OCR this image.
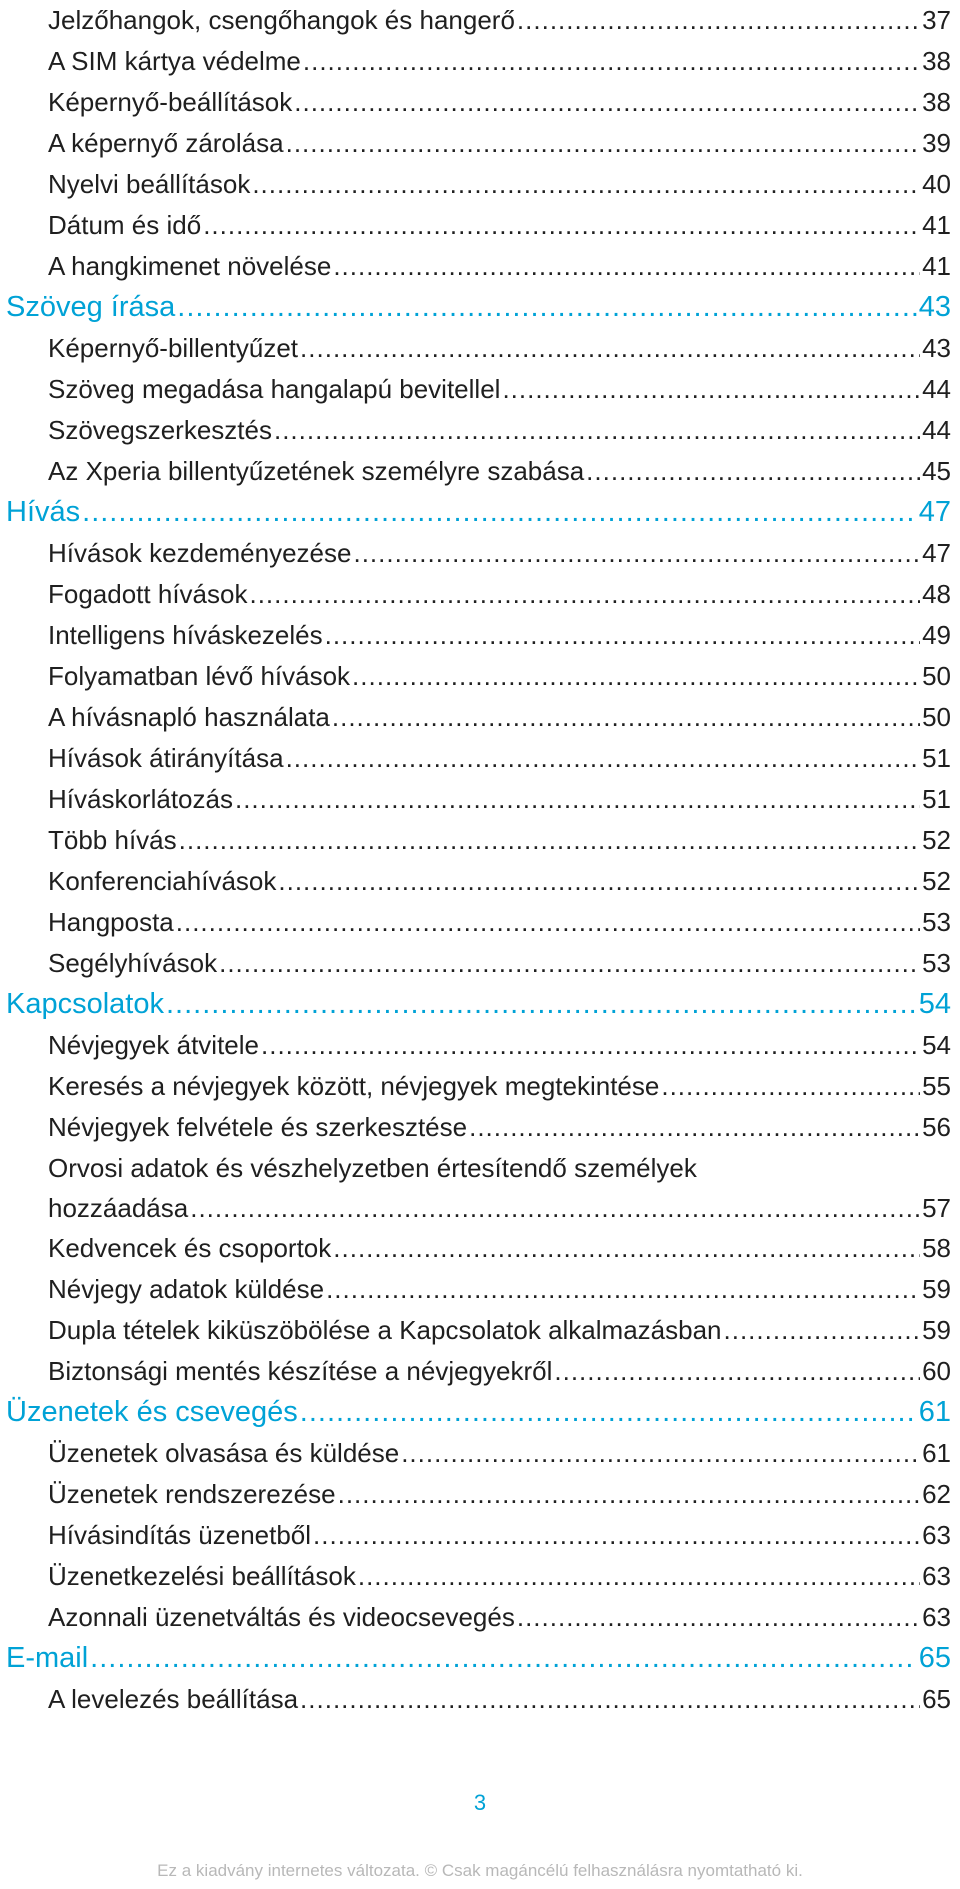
Jelzőhangok, csengőhangok és hangerő .....	37
A SIM kártya védelme .....	38
Képernyő-beállítások .....	38
A képernyő zárolása .....	39
Nyelvi beállítások .....	40
Dátum és idő .....	41
A hangkimenet növelése .....	41
Szöveg írása .....	43
Képernyő-billentyűzet .....	43
Szöveg megadása hangalapú bevitellel .....	44
Szövegszerkesztés .....	44
Az Xperia billentyűzetének személyre szabása .....	45
Hívás .....	47
Hívások kezdeményezése .....	47
Fogadott hívások .....	48
Intelligens híváskezelés .....	49
Folyamatban lévő hívások .....	50
A hívásnapló használata .....	50
Hívások átirányítása .....	51
Híváskorlátozás .....	51
Több hívás .....	52
Konferenciahívások .....	52
Hangposta .....	53
Segélyhívások .....	53
Kapcsolatok .....	54
Névjegyek átvitele .....	54
Keresés a névjegyek között, névjegyek megtekintése .....	55
Névjegyek felvétele és szerkesztése .....	56
Orvosi adatok és vészhelyzetben értesítendő személyek
hozzáadása .....	57
Kedvencek és csoportok .....	58
Névjegy adatok küldése .....	59
Dupla tételek kiküszöbölése a Kapcsolatok alkalmazásban .....	59
Biztonsági mentés készítése a névjegyekről .....	60
Üzenetek és csevegés .....	61
Üzenetek olvasása és küldése .....	61
Üzenetek rendszerezése .....	62
Hívásindítás üzenetből .....	63
Üzenetkezelési beállítások .....	63
Azonnali üzenetváltás és videocsevegés .....	63
E-mail .....	65
A levelezés beállítása .....	65
3
Ez a kiadvány internetes változata. © Csak magáncélú felhasználásra nyomtatható ki.
